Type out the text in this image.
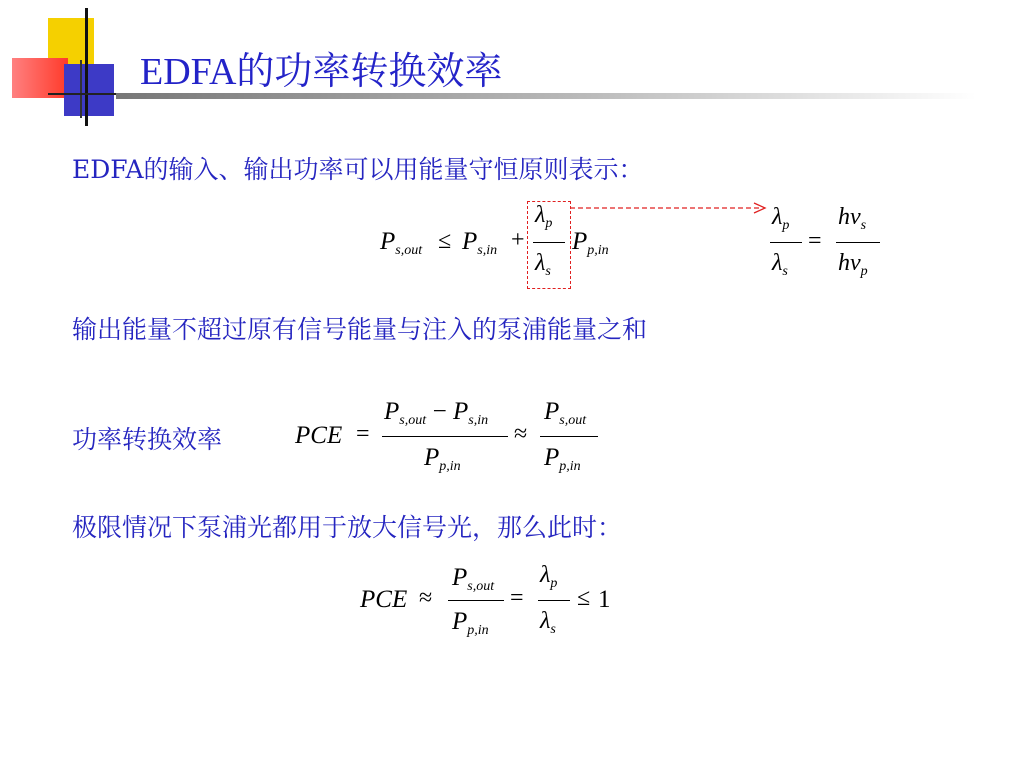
EDFA的功率转换效率
EDFA的输入、输出功率可以用能量守恒原则表示：
$P_{s,out} \le P_{s,in}$ +
$\lambda_p$
$\lambda_s$
$P_{p,in}$
$\lambda_p$
$\lambda_s$
=
$hv_s$
$hv_p$
输出能量不超过原有信号能量与注入的泵浦能量之和
功率转换效率	PCE =
$P_{s,out} - P_{s,in}$
$P_{p,in}$
≈
$P_{s,out}$
$P_{p,in}$
极限情况下泵浦光都用于放大信号光，那么此时：
PCE ≈
$P_{s,out}$
$P_{p,in}$
=
$\lambda_p$
$\lambda_s$
≤ 1
